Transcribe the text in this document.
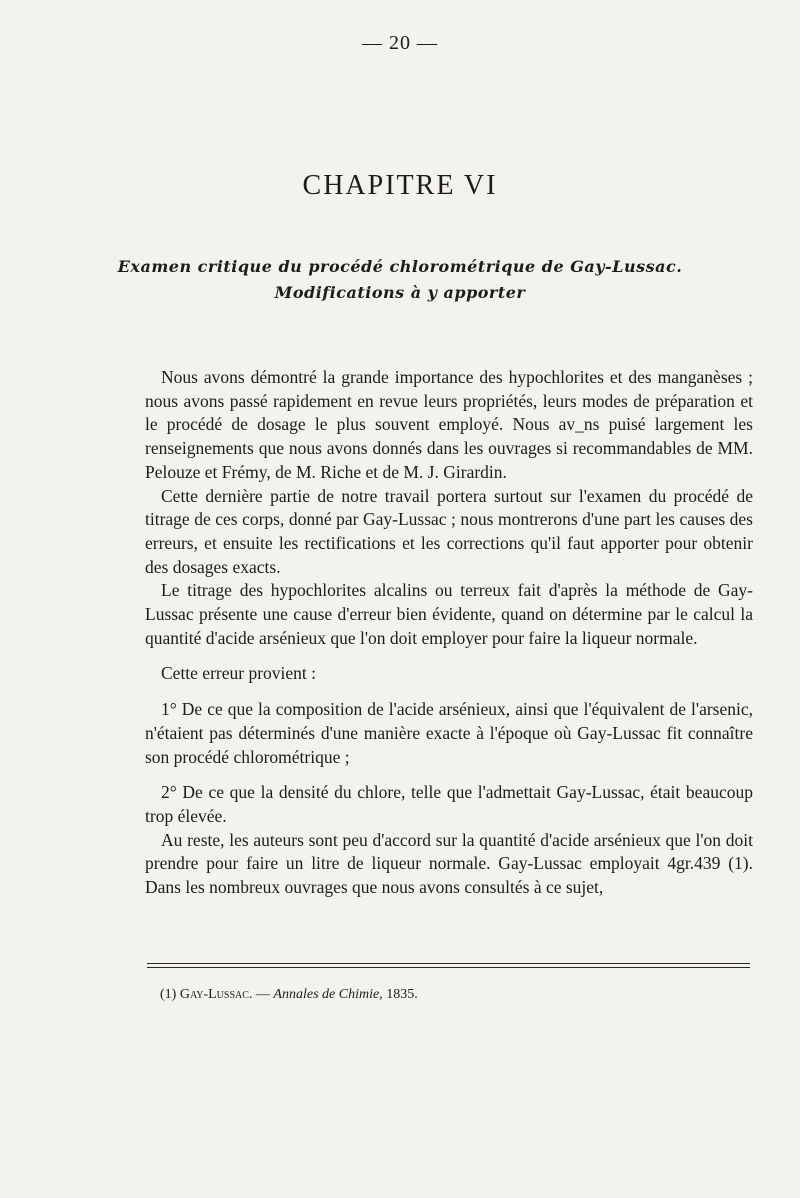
— 20 —
CHAPITRE VI
Examen critique du procédé chlorométrique de Gay-Lussac.
Modifications à y apporter

Nous avons démontré la grande importance des hypochlorites et des manganèses ; nous avons passé rapidement en revue leurs propriétés, leurs modes de préparation et le procédé de dosage le plus souvent employé. Nous av_ns puisé largement les renseignements que nous avons donnés dans les ouvrages si recommandables de MM. Pelouze et Frémy, de M. Riche et de M. J. Girardin.

Cette dernière partie de notre travail portera surtout sur l'examen du procédé de titrage de ces corps, donné par Gay-Lussac ; nous montrerons d'une part les causes des erreurs, et ensuite les rectifications et les corrections qu'il faut apporter pour obtenir des dosages exacts.

Le titrage des hypochlorites alcalins ou terreux fait d'après la méthode de Gay-Lussac présente une cause d'erreur bien évidente, quand on détermine par le calcul la quantité d'acide arsénieux que l'on doit employer pour faire la liqueur normale.

Cette erreur provient :

1° De ce que la composition de l'acide arsénieux, ainsi que l'équivalent de l'arsenic, n'étaient pas déterminés d'une manière exacte à l'époque où Gay-Lussac fit connaître son procédé chlorométrique ;

2° De ce que la densité du chlore, telle que l'admettait Gay-Lussac, était beaucoup trop élevée.

Au reste, les auteurs sont peu d'accord sur la quantité d'acide arsénieux que l'on doit prendre pour faire un litre de liqueur normale. Gay-Lussac employait 4gr.439 (1). Dans les nombreux ouvrages que nous avons consultés à ce sujet,

(1) Gay-Lussac. — Annales de Chimie, 1835.
